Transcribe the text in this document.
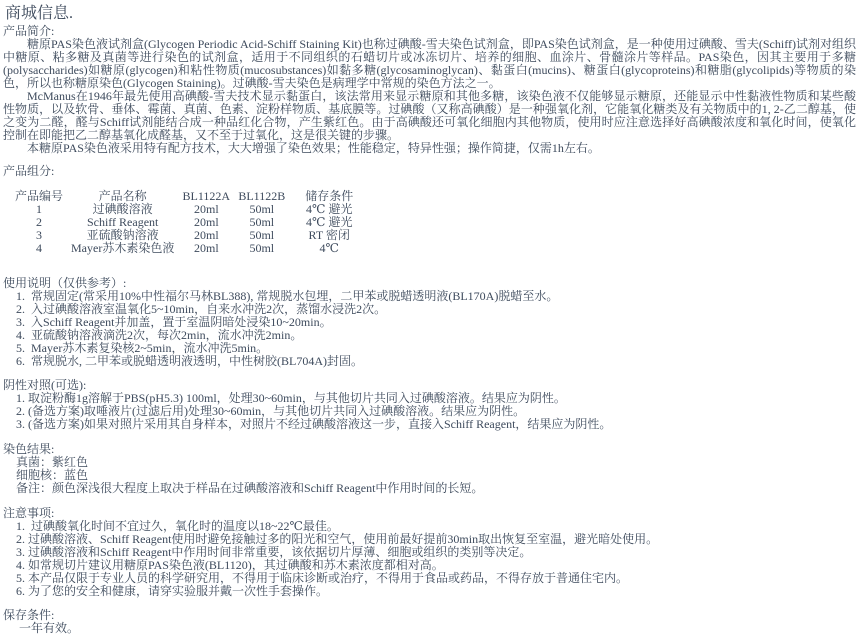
商城信息.
产品简介:

糖原PAS染色液试剂盒(Glycogen Periodic Acid-Schiff Staining Kit)也称过碘酸-雪夫染色试剂盒，即PAS染色试剂盒，是一种使用过碘酸、雪夫(Schiff)试剂对组织中糖原、粘多糖及真菌等进行染色的试剂盒，适用于不同组织的石蜡切片或冰冻切片、培养的细胞、血涂片、骨髓涂片等样品。PAS染色，因其主要用于多糖(polysaccharides)如糖原(glycogen)和粘性物质(mucosubstances)如黏多糖(glycosaminoglycan)、黏蛋白(mucins)、糖蛋白(glycoproteins)和糖脂(glycolipids)等物质的染色，所以也称糖原染色(Glycogen Staining)。过碘酸-雪夫染色是病理学中常规的染色方法之一。

McManus在1946年最先使用高碘酸-雪夫技术显示黏蛋白，该法常用来显示糖原和其他多糖，该染色液不仅能够显示糖原，还能显示中性黏液性物质和某些酸性物质，以及软骨、垂体、霉菌、真菌、色素、淀粉样物质、基底膜等。过碘酸（又称高碘酸）是一种强氧化剂，它能氧化糖类及有关物质中的1, 2-乙二醇基，使之变为二醛，醛与Schiff试剂能结合成一种品红化合物，产生紫红色。由于高碘酸还可氧化细胞内其他物质，使用时应注意选择好高碘酸浓度和氧化时间，使氧化控制在即能把乙二醇基氧化成醛基，又不至于过氧化，这是很关键的步骤。

本糖原PAS染色液采用特有配方技术，大大增强了染色效果；性能稳定，特异性强；操作简捷，仅需1h左右。

产品组分:
产品编号	产品名称	BL1122A	BL1122B	储存条件
1	过碘酸溶液	20ml	50ml	4℃ 避光
2	Schiff Reagent	20ml	50ml	4℃ 避光
3	亚硫酸钠溶液	20ml	50ml	RT 密闭
4	Mayer苏木素染色液	20ml	50ml	4℃
使用说明（仅供参考）:
1. 常规固定(常采用10%中性福尔马林BL388), 常规脱水包埋，二甲苯或脱蜡透明液(BL170A)脱蜡至水。
2. 入过碘酸溶液室温氧化5~10min，自来水冲洗2次，蒸馏水浸洗2次。
3. 入Schiff Reagent并加盖，置于室温阴暗处浸染10~20min。
4. 亚硫酸钠溶液滴洗2次，每次2min，流水冲洗2min。
5. Mayer苏木素复染核2~5min，流水冲洗5min。
6. 常规脱水, 二甲苯或脱蜡透明液透明，中性树胶(BL704A)封固。
阴性对照(可选):
1. 取淀粉酶1g溶解于PBS(pH5.3) 100ml，处理30~60min，与其他切片共同入过碘酸溶液。结果应为阴性。
2. (备选方案)取唾液片(过滤后用)处理30~60min，与其他切片共同入过碘酸溶液。结果应为阴性。
3. (备选方案)如果对照片采用其自身样本，对照片不经过碘酸溶液这一步，直接入Schiff Reagent，结果应为阴性。
染色结果:
真菌：紫红色
细胞核：蓝色
备注：颜色深浅很大程度上取决于样品在过碘酸溶液和Schiff Reagent中作用时间的长短。
注意事项:
1. 过碘酸氧化时间不宜过久，氧化时的温度以18~22℃最佳。
2. 过碘酸溶液、Schiff Reagent使用时避免接触过多的阳光和空气，使用前最好提前30min取出恢复至室温，避光暗处使用。
3. 过碘酸溶液和Schiff Reagent中作用时间非常重要，该依据切片厚薄、细胞或组织的类别等决定。
4. 如常规切片建议用糖原PAS染色液(BL1120)，其过碘酸和苏木素浓度都相对高。
5. 本产品仅限于专业人员的科学研究用，不得用于临床诊断或治疗，不得用于食品或药品，不得存放于普通住宅内。
6. 为了您的安全和健康，请穿实验服并戴一次性手套操作。
保存条件:
一年有效。
